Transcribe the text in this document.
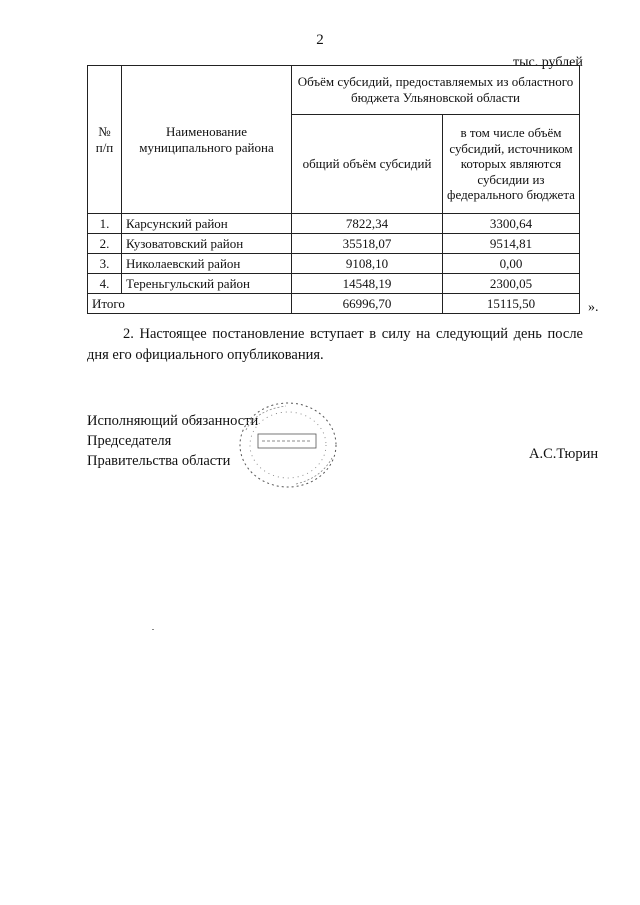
2
тыс. рублей
№ п/п	Наименование муниципального района	Объём субсидий, предоставляемых из областного бюджета Ульяновской области	
		общий объём субсидий	в том числе объём субсидий, источником которых являются субсидии из федерального бюджета
1.	Карсунский район	7822,34	3300,64
2.	Кузоватовский район	35518,07	9514,81
3.	Николаевский район	9108,10	0,00
4.	Тереньгульский район	14548,19	2300,05
Итого		66996,70	15115,50	».
2. Настоящее постановление вступает в силу на следующий день после дня его официального опубликования.
Исполняющий обязанности
Председателя
Правительства области	А.С.Тюрин
